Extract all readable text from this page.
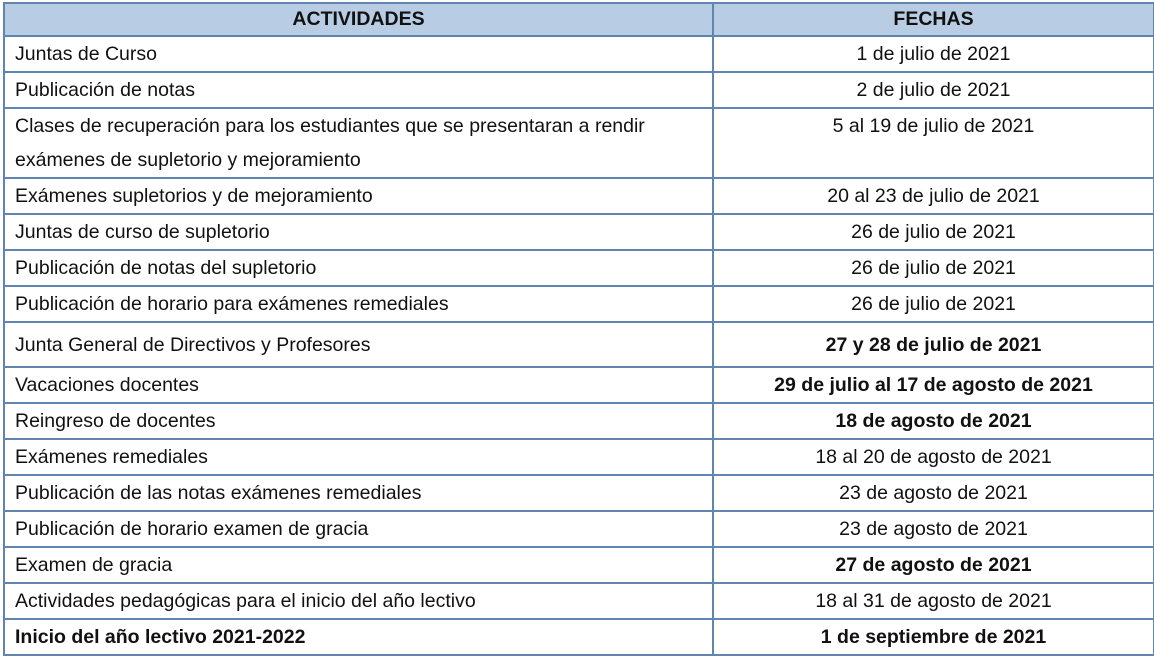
ACTIVIDADES	FECHAS
Juntas de Curso	1 de julio de 2021
Publicación de notas	2 de julio de 2021
Clases de recuperación para los estudiantes que se presentaran a rendir exámenes de supletorio y mejoramiento	5 al 19 de julio de 2021
Exámenes supletorios y de mejoramiento	20 al 23 de julio de 2021
Juntas de curso de supletorio	26 de julio de 2021
Publicación de notas del supletorio	26 de julio de 2021
Publicación de horario para exámenes remediales	26 de julio de 2021
Junta General de Directivos y Profesores	27 y 28 de julio de 2021
Vacaciones docentes	29 de julio al 17 de agosto de 2021
Reingreso de docentes	18 de agosto de 2021
Exámenes remediales	18 al 20 de agosto de 2021
Publicación de las notas exámenes remediales	23 de agosto de 2021
Publicación de horario examen de gracia	23 de agosto de 2021
Examen de gracia	27 de agosto de 2021
Actividades pedagógicas para el inicio del año lectivo	18 al 31 de agosto de 2021
Inicio del año lectivo 2021-2022	1 de septiembre de 2021
